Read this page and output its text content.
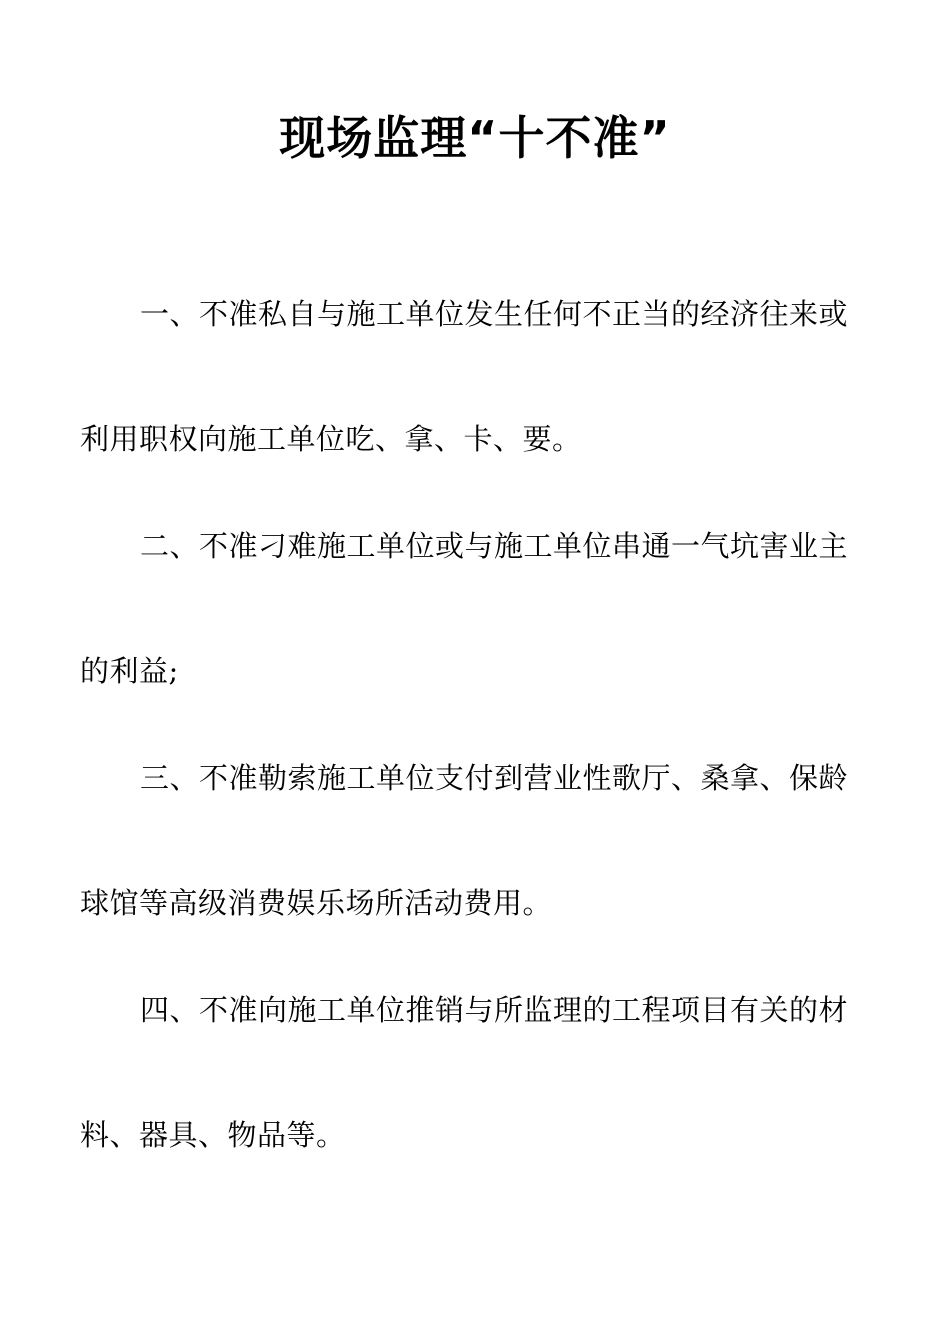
现场监理“十不准”
一、不准私自与施工单位发生任何不正当的经济往来或
利用职权向施工单位吃、拿、卡、要。
二、不准刁难施工单位或与施工单位串通一气坑害业主
的利益;
三、不准勒索施工单位支付到营业性歌厅、桑拿、保龄
球馆等高级消费娱乐场所活动费用。
四、不准向施工单位推销与所监理的工程项目有关的材
料、器具、物品等。
